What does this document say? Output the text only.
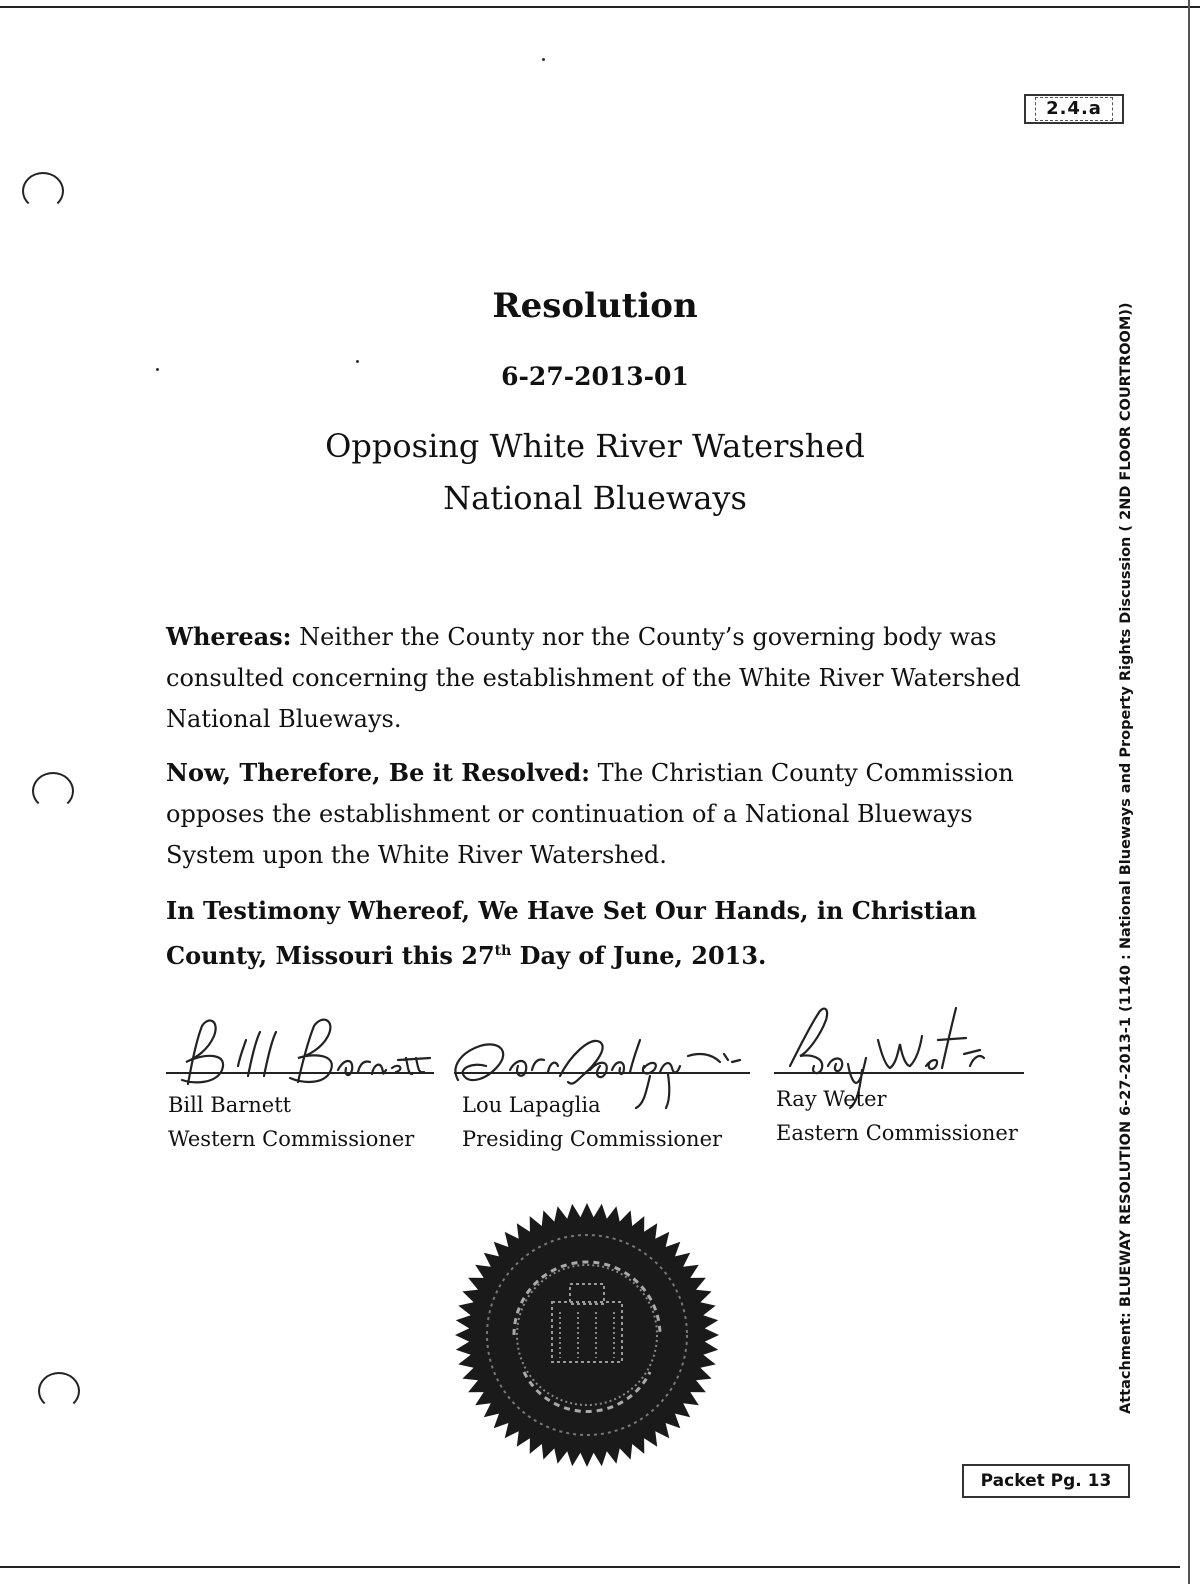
2.4.a
Attachment: BLUEWAY RESOLUTION 6-27-2013-1 (1140 : National Blueways and Property Rights Discussion ( 2ND FLOOR COURTROOM))
Resolution
6-27-2013-01
Opposing White River Watershed
National Blueways
Whereas: Neither the County nor the County’s governing body was consulted concerning the establishment of the White River Watershed National Blueways.
Now, Therefore, Be it Resolved: The Christian County Commission opposes the establishment or continuation of a National Blueways System upon the White River Watershed.
In Testimony Whereof, We Have Set Our Hands, in Christian County, Missouri this 27th Day of June, 2013.
Bill Barnett
Western Commissioner
Lou Lapaglia
Presiding Commissioner
Ray Weter
Eastern Commissioner
Packet Pg. 13
